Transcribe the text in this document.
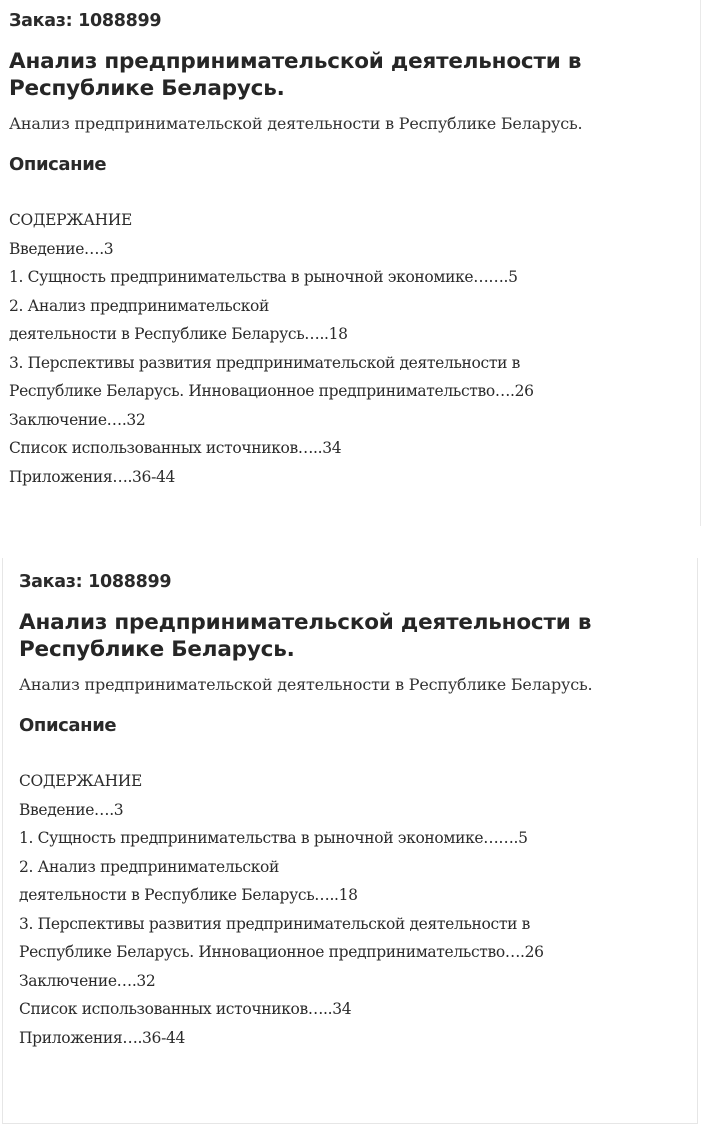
Заказ: 1088899

Анализ предпринимательской деятельности в Республике Беларусь.

Анализ предпринимательской деятельности в Республике Беларусь.

Описание
СОДЕРЖАНИЕ
Введение….3
1. Сущность предпринимательства в рыночной экономике…….5
2. Анализ предпринимательской
деятельности в Республике Беларусь…..18
3. Перспективы развития предпринимательской деятельности в
Республике Беларусь. Инновационное предпринимательство….26
Заключение….32
Список использованных источников…..34
Приложения….36-44

Заказ: 1088899

Анализ предпринимательской деятельности в Республике Беларусь.

Анализ предпринимательской деятельности в Республике Беларусь.

Описание
СОДЕРЖАНИЕ
Введение….3
1. Сущность предпринимательства в рыночной экономике…….5
2. Анализ предпринимательской
деятельности в Республике Беларусь…..18
3. Перспективы развития предпринимательской деятельности в
Республике Беларусь. Инновационное предпринимательство….26
Заключение….32
Список использованных источников…..34
Приложения….36-44
